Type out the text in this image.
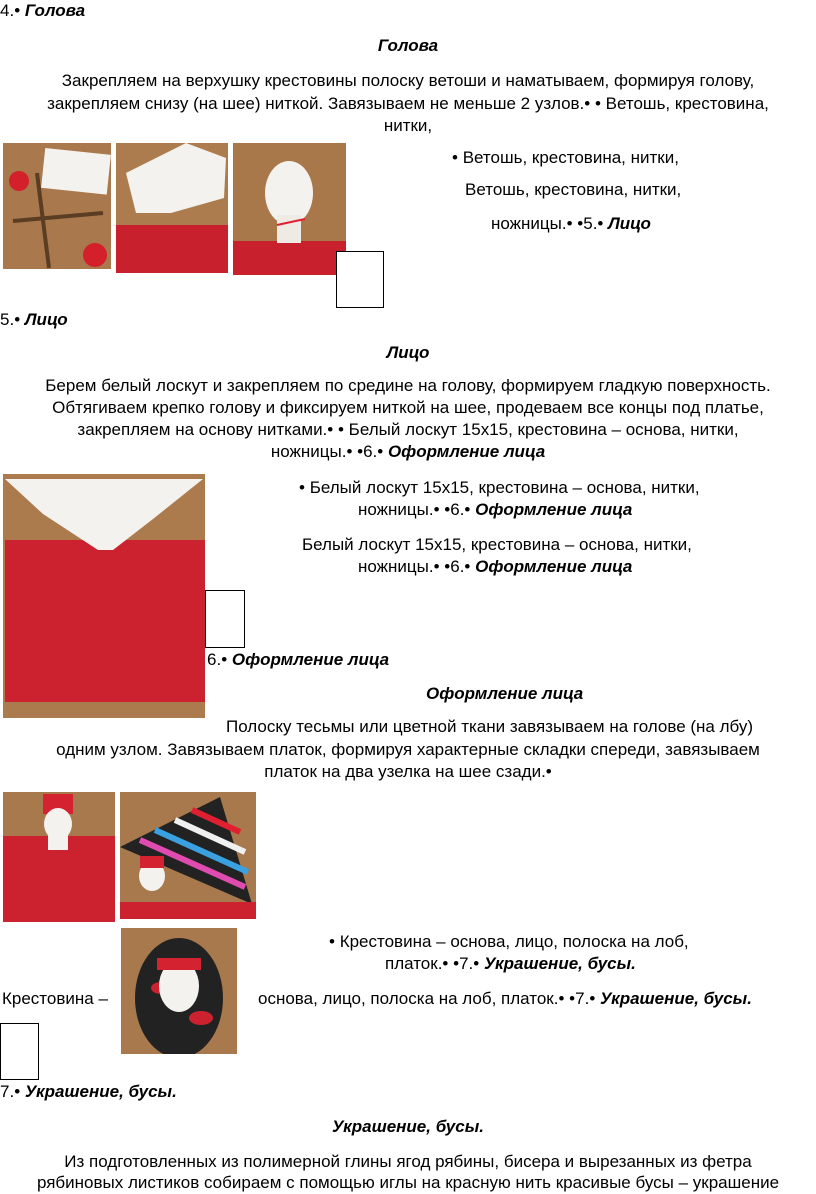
4.• Голова
Голова
Закрепляем на верхушку крестовины полоску ветоши и наматываем, формируя голову,
закрепляем снизу (на шее) ниткой. Завязываем не меньше 2 узлов.• • Ветошь, крестовина,
нитки,
• Ветошь, крестовина, нитки,
Ветошь, крестовина, нитки,
ножницы.• •5.• Лицо
5.• Лицо
Лицо
Берем белый лоскут и закрепляем по средине на голову, формируем гладкую поверхность.
Обтягиваем крепко голову и фиксируем ниткой на шее, продеваем все концы под платье,
закрепляем на основу нитками.• • Белый лоскут 15x15, крестовина – основа, нитки,
ножницы.• •6.• Оформление лица
• Белый лоскут 15x15, крестовина – основа, нитки,
ножницы.• •6.• Оформление лица
Белый лоскут 15x15, крестовина – основа, нитки,
ножницы.• •6.• Оформление лица
6.• Оформление лица
Оформление лица
Полоску тесьмы или цветной ткани завязываем на голове (на лбу)
одним узлом. Завязываем платок, формируя характерные складки спереди, завязываем
платок на два узелка на шее сзади.•
• Крестовина – основа, лицо, полоска на лоб,
платок.• •7.• Украшение, бусы.
Крестовина –	основа, лицо, полоска на лоб, платок.• •7.• Украшение, бусы.
7.• Украшение, бусы.
Украшение, бусы.
Из подготовленных из полимерной глины ягод рябины, бисера и вырезанных из фетра
рябиновых листиков собираем с помощью иглы на красную нить красивые бусы – украшение
